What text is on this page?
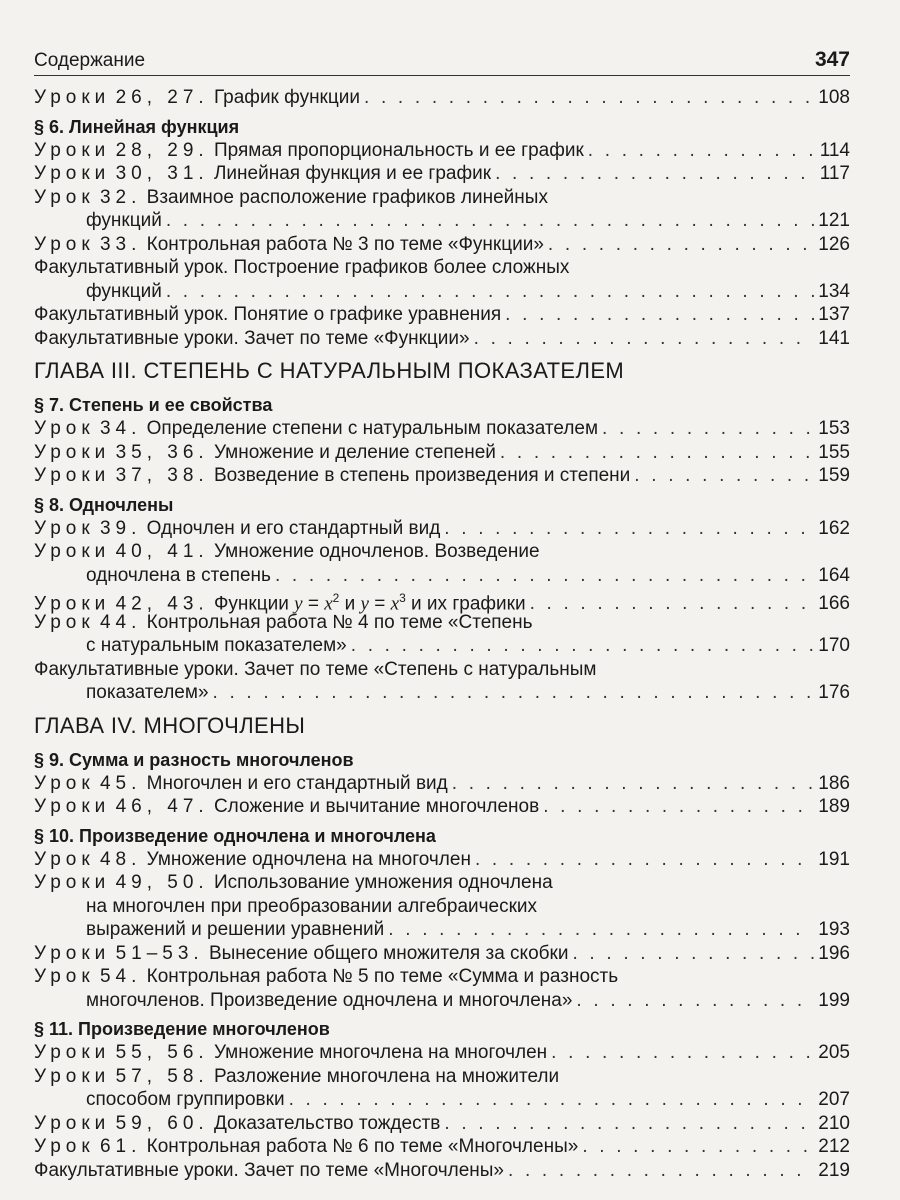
Содержание	347
Уроки 26, 27. График функции . . .	108
§ 6. Линейная функция
Уроки 28, 29. Прямая пропорциональность и ее график . . .	114
Уроки 30, 31. Линейная функция и ее график . . .	117
Урок 32. Взаимное расположение графиков линейных
функций . . .	121
Урок 33. Контрольная работа № 3 по теме «Функции» . . .	126
Факультативный урок. Построение графиков более сложных
функций . . .	134
Факультативный урок. Понятие о графике уравнения . . .	137
Факультативные уроки. Зачет по теме «Функции» . . .	141
ГЛАВА III. СТЕПЕНЬ С НАТУРАЛЬНЫМ ПОКАЗАТЕЛЕМ
§ 7. Степень и ее свойства
Урок 34. Определение степени с натуральным показателем . . .	153
Уроки 35, 36. Умножение и деление степеней . . .	155
Уроки 37, 38. Возведение в степень произведения и степени . . .	159
§ 8. Одночлены
Урок 39. Одночлен и его стандартный вид . . .	162
Уроки 40, 41. Умножение одночленов. Возведение
одночлена в степень . . .	164
Уроки 42, 43. Функции $y = x^2$ и $y = x^3$ и их графики . . .	166
Урок 44. Контрольная работа № 4 по теме «Степень
с натуральным показателем» . . .	170
Факультативные уроки. Зачет по теме «Степень с натуральным
показателем» . . .	176
ГЛАВА IV. МНОГОЧЛЕНЫ
§ 9. Сумма и разность многочленов
Урок 45. Многочлен и его стандартный вид . . .	186
Уроки 46, 47. Сложение и вычитание многочленов . . .	189
§ 10. Произведение одночлена и многочлена
Урок 48. Умножение одночлена на многочлен . . .	191
Уроки 49, 50. Использование умножения одночлена
на многочлен при преобразовании алгебраических
выражений и решении уравнений . . .	193
Уроки 51–53. Вынесение общего множителя за скобки . . .	196
Урок 54. Контрольная работа № 5 по теме «Сумма и разность
многочленов. Произведение одночлена и многочлена» . . .	199
§ 11. Произведение многочленов
Уроки 55, 56. Умножение многочлена на многочлен . . .	205
Уроки 57, 58. Разложение многочлена на множители
способом группировки . . .	207
Уроки 59, 60. Доказательство тождеств . . .	210
Урок 61. Контрольная работа № 6 по теме «Многочлены» . . .	212
Факультативные уроки. Зачет по теме «Многочлены» . . .	219
